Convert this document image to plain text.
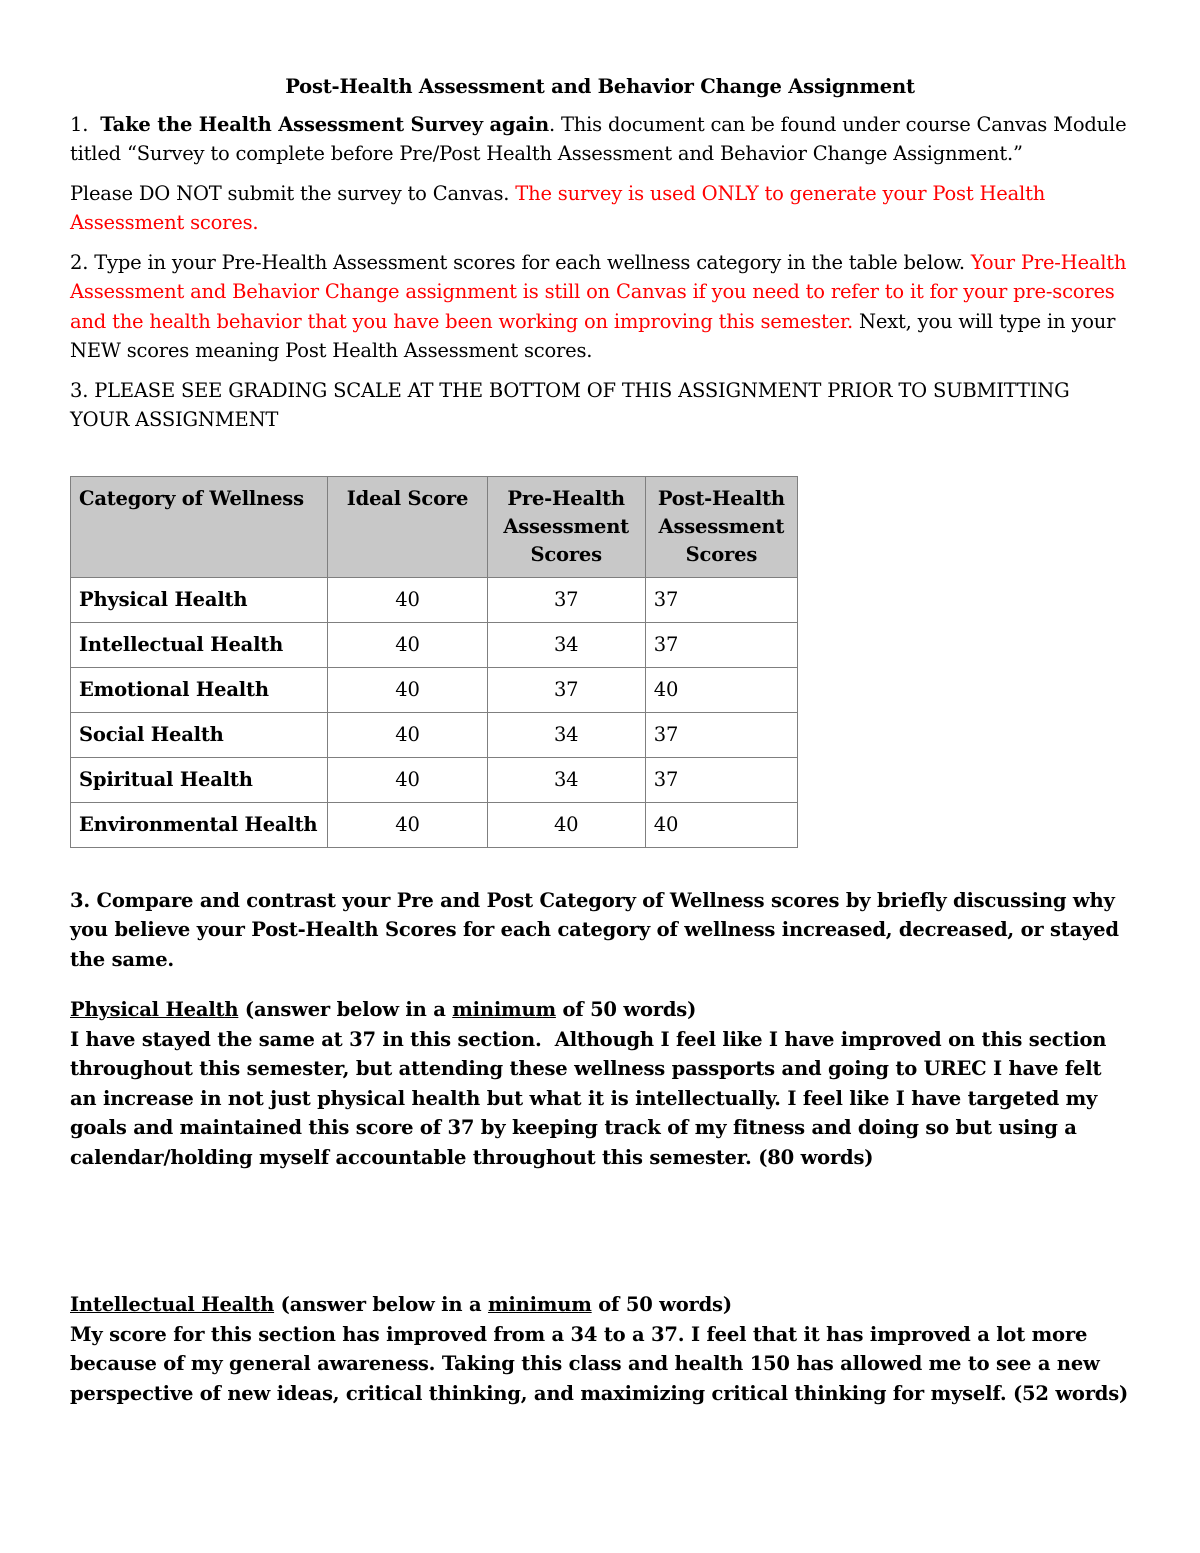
Post-Health Assessment and Behavior Change Assignment

1. Take the Health Assessment Survey again. This document can be found under course Canvas Module titled “Survey to complete before Pre/Post Health Assessment and Behavior Change Assignment.”

Please DO NOT submit the survey to Canvas. The survey is used ONLY to generate your Post Health Assessment scores.

2. Type in your Pre-Health Assessment scores for each wellness category in the table below. Your Pre-Health Assessment and Behavior Change assignment is still on Canvas if you need to refer to it for your pre-scores and the health behavior that you have been working on improving this semester. Next, you will type in your NEW scores meaning Post Health Assessment scores.

3. PLEASE SEE GRADING SCALE AT THE BOTTOM OF THIS ASSIGNMENT PRIOR TO SUBMITTING YOUR ASSIGNMENT

Category of Wellness	Ideal Score	Pre-Health Assessment Scores	Post-Health Assessment Scores
Physical Health	40	37	37
Intellectual Health	40	34	37
Emotional Health	40	37	40
Social Health	40	34	37
Spiritual Health	40	34	37
Environmental Health	40	40	40

3. Compare and contrast your Pre and Post Category of Wellness scores by briefly discussing why you believe your Post-Health Scores for each category of wellness increased, decreased, or stayed the same.

Physical Health (answer below in a minimum of 50 words)
I have stayed the same at 37 in this section.  Although I feel like I have improved on this section throughout this semester, but attending these wellness passports and going to UREC I have felt an increase in not just physical health but what it is intellectually. I feel like I have targeted my goals and maintained this score of 37 by keeping track of my fitness and doing so but using a calendar/holding myself accountable throughout this semester. (80 words)
Intellectual Health (answer below in a minimum of 50 words)
My score for this section has improved from a 34 to a 37. I feel that it has improved a lot more because of my general awareness. Taking this class and health 150 has allowed me to see a new perspective of new ideas, critical thinking, and maximizing critical thinking for myself. (52 words)
